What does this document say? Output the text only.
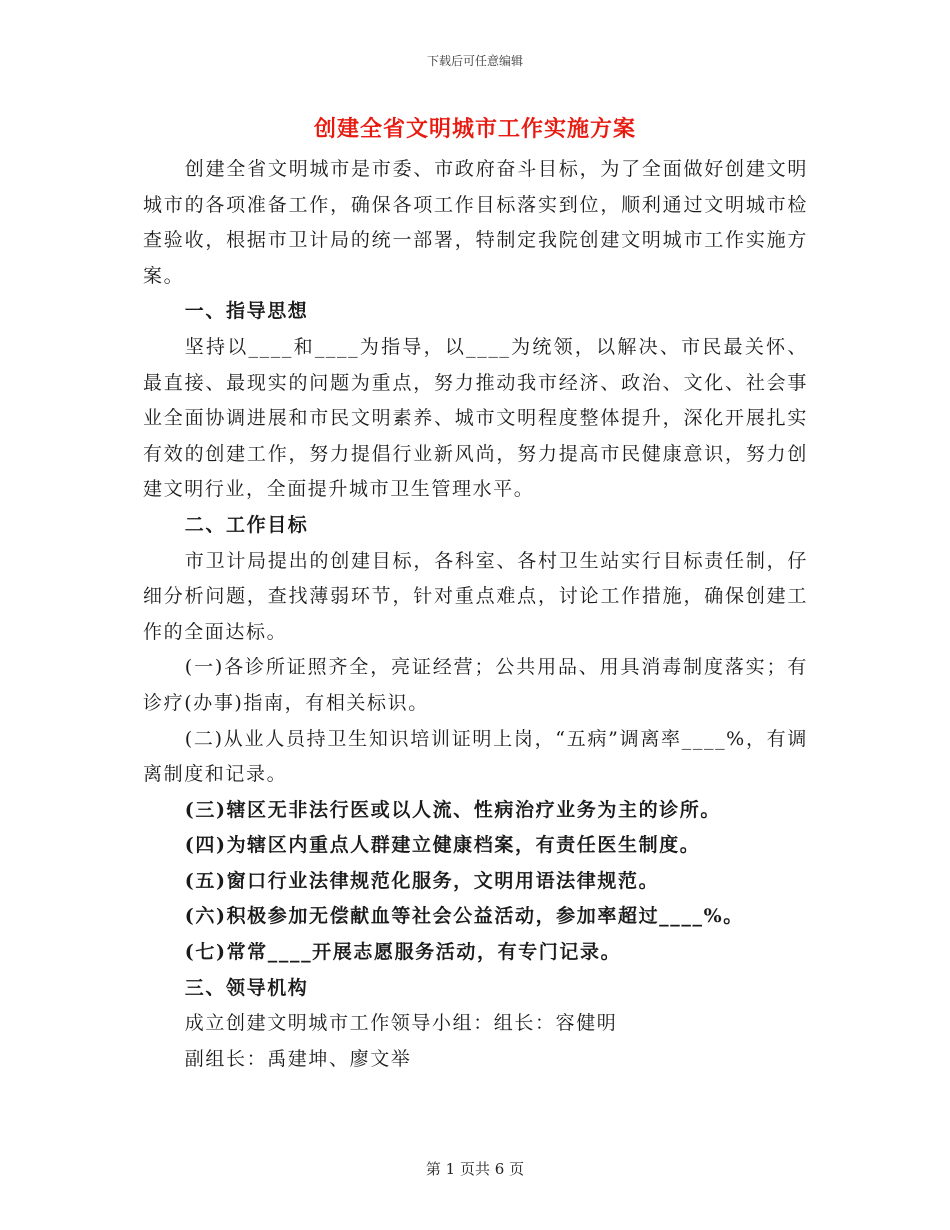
下载后可任意编辑
创建全省文明城市工作实施方案

创建全省文明城市是市委、市政府奋斗目标，为了全面做好创建文明城市的各项准备工作，确保各项工作目标落实到位，顺利通过文明城市检查验收，根据市卫计局的统一部署，特制定我院创建文明城市工作实施方案。

一、指导思想

坚持以____和____为指导，以____为统领，以解决、市民最关怀、最直接、最现实的问题为重点，努力推动我市经济、政治、文化、社会事业全面协调进展和市民文明素养、城市文明程度整体提升，深化开展扎实有效的创建工作，努力提倡行业新风尚，努力提高市民健康意识，努力创建文明行业，全面提升城市卫生管理水平。

二、工作目标

市卫计局提出的创建目标，各科室、各村卫生站实行目标责任制，仔细分析问题，查找薄弱环节，针对重点难点，讨论工作措施，确保创建工作的全面达标。

(一)各诊所证照齐全，亮证经营；公共用品、用具消毒制度落实；有诊疗(办事)指南，有相关标识。

(二)从业人员持卫生知识培训证明上岗，“五病”调离率____%，有调离制度和记录。

(三)辖区无非法行医或以人流、性病治疗业务为主的诊所。

(四)为辖区内重点人群建立健康档案，有责任医生制度。

(五)窗口行业法律规范化服务，文明用语法律规范。

(六)积极参加无偿献血等社会公益活动，参加率超过____%。

(七)常常____开展志愿服务活动，有专门记录。

三、领导机构

成立创建文明城市工作领导小组：组长：容健明

副组长：禹建坤、廖文举

第 1 页共 6 页
